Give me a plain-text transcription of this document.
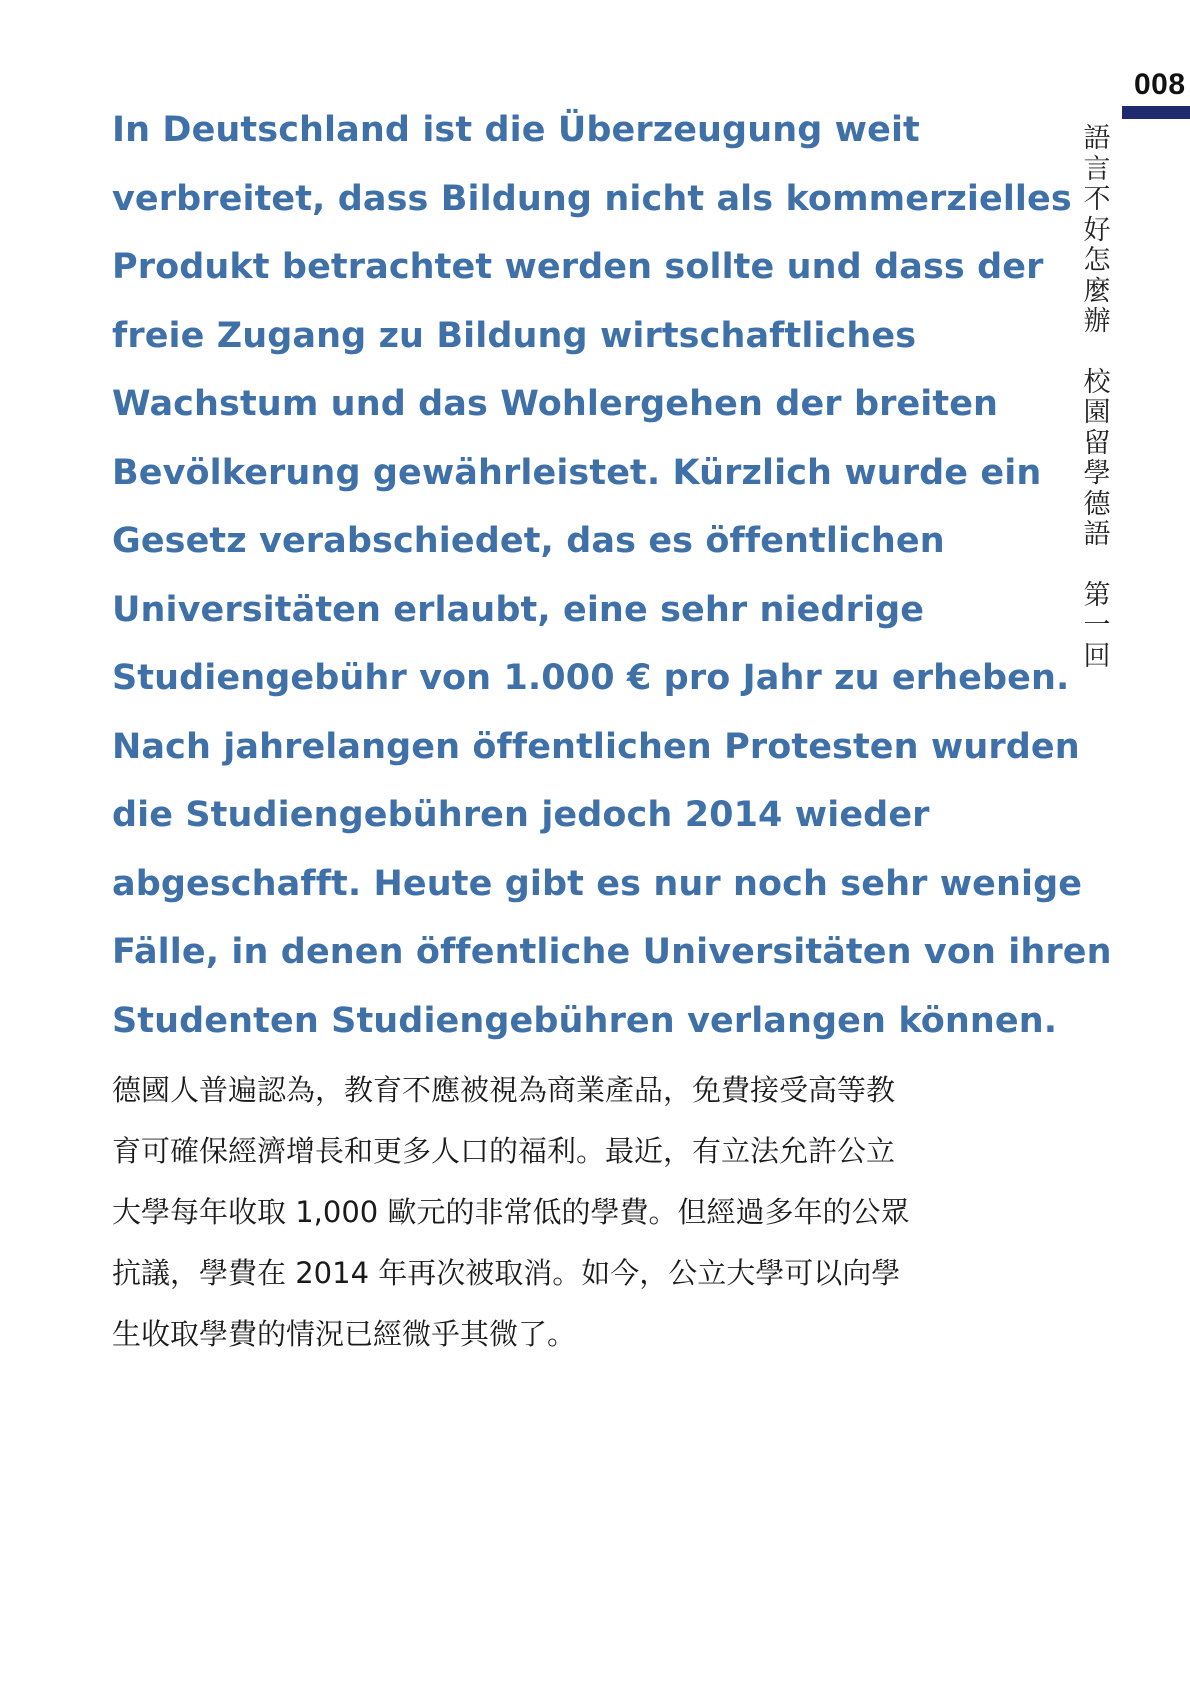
008
語言不好怎麼辦
校園留學德語
第一回

In Deutschland ist die Überzeugung weit
verbreitet, dass Bildung nicht als kommerzielles
Produkt betrachtet werden sollte und dass der
freie Zugang zu Bildung wirtschaftliches
Wachstum und das Wohlergehen der breiten
Bevölkerung gewährleistet. Kürzlich wurde ein
Gesetz verabschiedet, das es öffentlichen
Universitäten erlaubt, eine sehr niedrige
Studiengebühr von 1.000 € pro Jahr zu erheben.
Nach jahrelangen öffentlichen Protesten wurden
die Studiengebühren jedoch 2014 wieder
abgeschafft. Heute gibt es nur noch sehr wenige
Fälle, in denen öffentliche Universitäten von ihren
Studenten Studiengebühren verlangen können.

德國人普遍認為，教育不應被視為商業產品，免費接受高等教
育可確保經濟增長和更多人口的福利。最近，有立法允許公立
大學每年收取 1,000 歐元的非常低的學費。但經過多年的公眾
抗議，學費在 2014 年再次被取消。如今，公立大學可以向學
生收取學費的情況已經微乎其微了。
